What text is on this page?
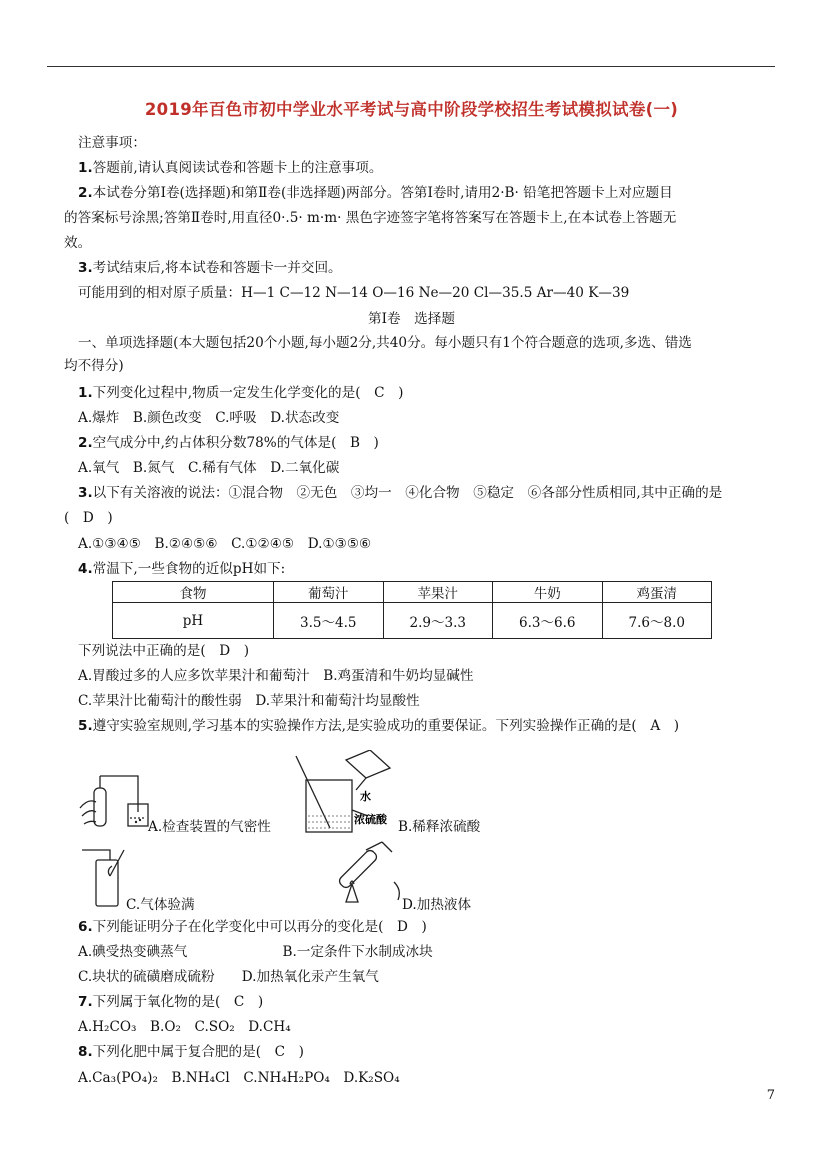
2019年百色市初中学业水平考试与高中阶段学校招生考试模拟试卷(一)
注意事项：
1.答题前,请认真阅读试卷和答题卡上的注意事项。
2.本试卷分第Ⅰ卷(选择题)和第Ⅱ卷(非选择题)两部分。答第Ⅰ卷时,请用2·B· 铅笔把答题卡上对应题目
的答案标号涂黑;答第Ⅱ卷时,用直径0·.5· m·m· 黑色字迹签字笔将答案写在答题卡上,在本试卷上答题无
效。
3.考试结束后,将本试卷和答题卡一并交回。
可能用到的相对原子质量：H—1 C—12 N—14 O—16 Ne—20 Cl—35.5 Ar—40 K—39
第Ⅰ卷　选择题
一、单项选择题(本大题包括20个小题,每小题2分,共40分。每小题只有1个符合题意的选项,多选、错选
均不得分)
1.下列变化过程中,物质一定发生化学变化的是(　C　)
A.爆炸　B.颜色改变　C.呼吸　D.状态改变
2.空气成分中,约占体积分数78%的气体是(　B　)
A.氧气　B.氮气　C.稀有气体　D.二氧化碳
3.以下有关溶液的说法：①混合物　②无色　③均一　④化合物　⑤稳定　⑥各部分性质相同,其中正确的是
(　D　)
A.①③④⑤　B.②④⑤⑥　C.①②④⑤　D.①③⑤⑥
4.常温下,一些食物的近似pH如下:
食物	葡萄汁	苹果汁	牛奶	鸡蛋清
pH	3.5～4.5	2.9～3.3	6.3～6.6	7.6～8.0
下列说法中正确的是(　D　)
A.胃酸过多的人应多饮苹果汁和葡萄汁　B.鸡蛋清和牛奶均显碱性
C.苹果汁比葡萄汁的酸性弱　D.苹果汁和葡萄汁均显酸性
5.遵守实验室规则,学习基本的实验操作方法,是实验成功的重要保证。下列实验操作正确的是(　A　)
A.检查装置的气密性
水
浓硫酸 B.稀释浓硫酸
C.气体验满	D.加热液体
6.下列能证明分子在化学变化中可以再分的变化是(　D　)
A.碘受热变碘蒸气　　　　　　　B.一定条件下水制成冰块
C.块状的硫磺磨成硫粉　　D.加热氧化汞产生氧气
7.下列属于氧化物的是(　C　)
A.H₂CO₃　B.O₂　C.SO₂　D.CH₄
8.下列化肥中属于复合肥的是(　C　)
A.Ca₃(PO₄)₂　B.NH₄Cl　C.NH₄H₂PO₄　D.K₂SO₄
7
